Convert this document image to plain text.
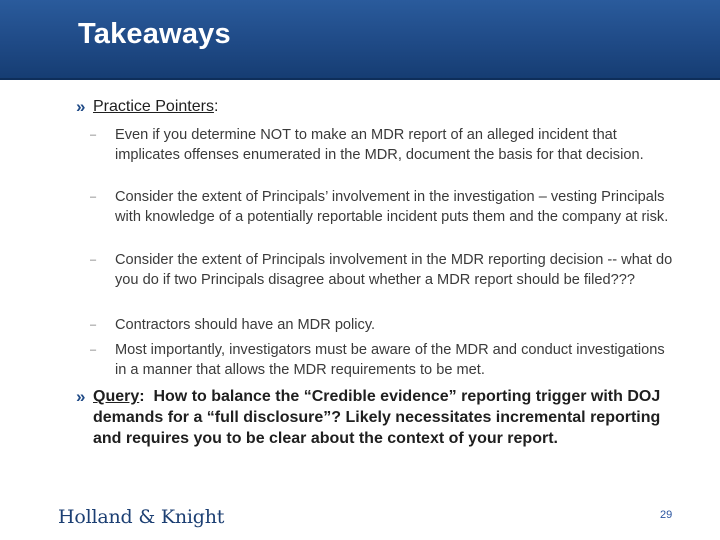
Takeaways
» Practice Pointers:
– Even if you determine NOT to make an MDR report of an alleged incident that implicates offenses enumerated in the MDR, document the basis for that decision.
– Consider the extent of Principals’ involvement in the investigation – vesting Principals with knowledge of a potentially reportable incident puts them and the company at risk.
– Consider the extent of Principals involvement in the MDR reporting decision -- what do you do if two Principals disagree about whether a MDR report should be filed???
– Contractors should have an MDR policy.
– Most importantly, investigators must be aware of the MDR and conduct investigations in a manner that allows the MDR requirements to be met.
» Query: How to balance the “Credible evidence” reporting trigger with DOJ demands for a “full disclosure”? Likely necessitates incremental reporting and requires you to be clear about the context of your report.
Holland & Knight	29
